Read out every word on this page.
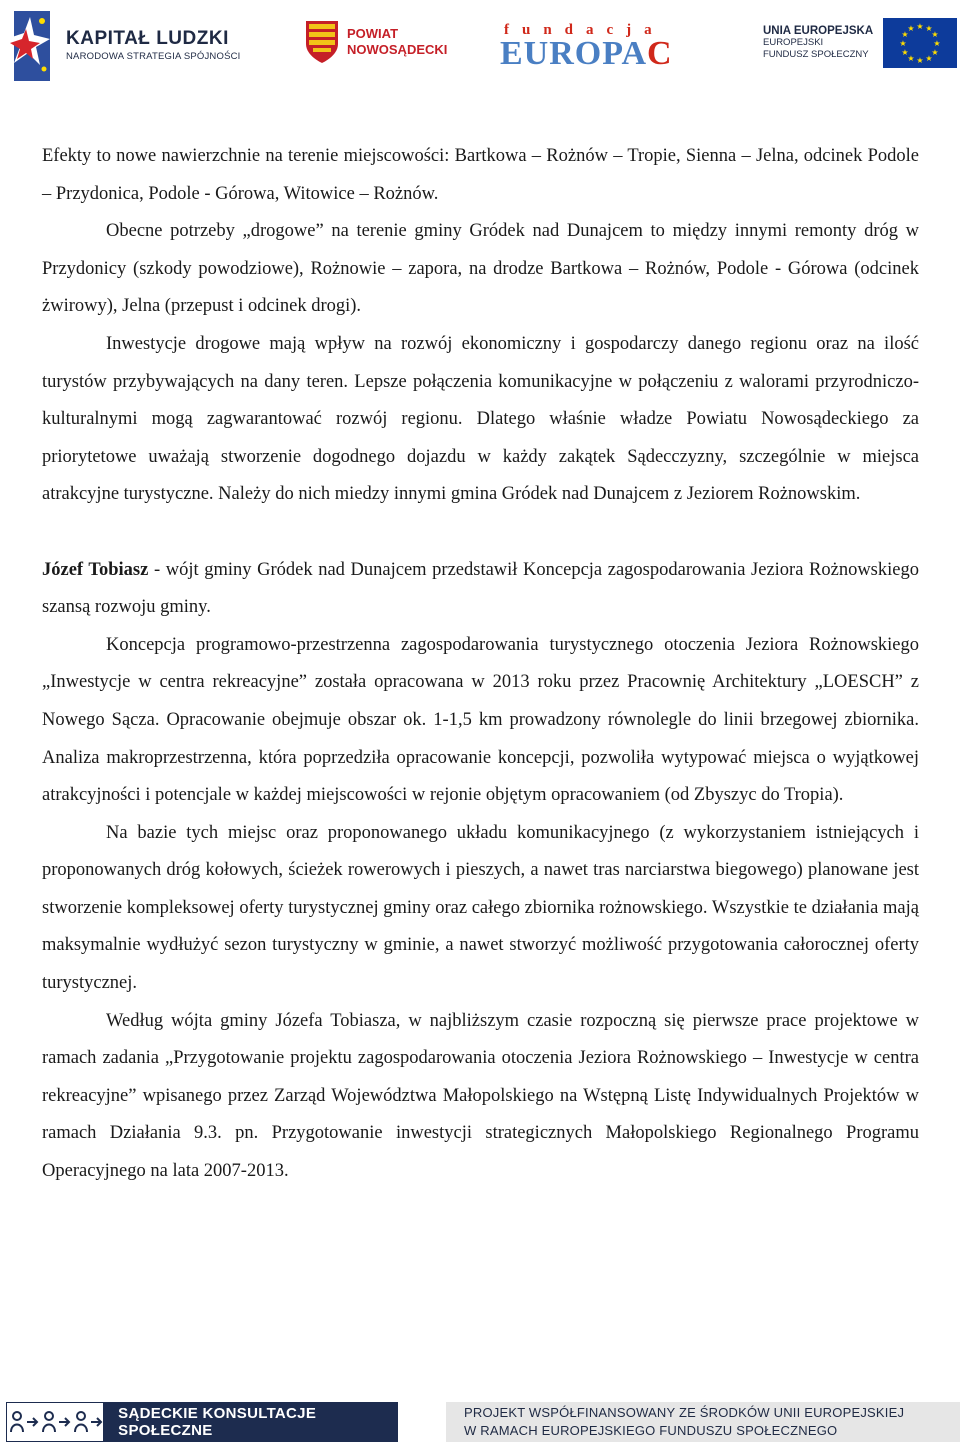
KAPITAŁ LUDZKI
NARODOWA STRATEGIA SPÓJNOŚCI
POWIAT
NOWOSĄDECKI
fundacja
EUROPAC
UNIA EUROPEJSKA
EUROPEJSKI
FUNDUSZ SPOŁECZNY
★ ★
★
★
★
★
★
★
★
★
★
★

Efekty to nowe nawierzchnie na terenie miejscowości: Bartkowa – Rożnów – Tropie, Sienna – Jelna, odcinek Podole – Przydonica, Podole - Górowa, Witowice – Rożnów.

Obecne potrzeby „drogowe” na terenie gminy Gródek nad Dunajcem to między innymi remonty dróg w Przydonicy (szkody powodziowe), Rożnowie – zapora, na drodze Bartkowa – Rożnów, Podole - Górowa (odcinek żwirowy), Jelna (przepust i odcinek drogi).

Inwestycje drogowe mają wpływ na rozwój ekonomiczny i gospodarczy danego regionu oraz na ilość turystów przybywających na dany teren. Lepsze połączenia komunikacyjne w połączeniu z walorami przyrodniczo-kulturalnymi mogą zagwarantować rozwój regionu. Dlatego właśnie władze Powiatu Nowosądeckiego za priorytetowe uważają stworzenie dogodnego dojazdu w każdy zakątek Sądecczyzny, szczególnie w miejsca atrakcyjne turystyczne. Należy do nich miedzy innymi gmina Gródek nad Dunajcem z Jeziorem Rożnowskim.

Józef Tobiasz - wójt gminy Gródek nad Dunajcem przedstawił Koncepcja zagospodarowania Jeziora Rożnowskiego szansą rozwoju gminy.

Koncepcja programowo-przestrzenna zagospodarowania turystycznego otoczenia Jeziora Rożnowskiego „Inwestycje w centra rekreacyjne” została opracowana w 2013 roku przez Pracownię Architektury „LOESCH” z Nowego Sącza. Opracowanie obejmuje obszar ok. 1-1,5 km prowadzony równolegle do linii brzegowej zbiornika. Analiza makroprzestrzenna, która poprzedziła opracowanie koncepcji, pozwoliła wytypować miejsca o wyjątkowej atrakcyjności i potencjale w każdej miejscowości w rejonie objętym opracowaniem (od Zbyszyc do Tropia).

Na bazie tych miejsc oraz proponowanego układu komunikacyjnego (z wykorzystaniem istniejących i proponowanych dróg kołowych, ścieżek rowerowych i pieszych, a nawet tras narciarstwa biegowego) planowane jest stworzenie kompleksowej oferty turystycznej gminy oraz całego zbiornika rożnowskiego. Wszystkie te działania mają maksymalnie wydłużyć sezon turystyczny w gminie, a nawet stworzyć możliwość przygotowania całorocznej oferty turystycznej.

Według wójta gminy Józefa Tobiasza, w najbliższym czasie rozpoczną się pierwsze prace projektowe w ramach zadania „Przygotowanie projektu zagospodarowania otoczenia Jeziora Rożnowskiego – Inwestycje w centra rekreacyjne” wpisanego przez Zarząd Województwa Małopolskiego na Wstępną Listę Indywidualnych Projektów w ramach Działania 9.3. pn. Przygotowanie inwestycji strategicznych Małopolskiego Regionalnego Programu Operacyjnego na lata 2007-2013.

SĄDECKIE KONSULTACJE SPOŁECZNE
PROJEKT WSPÓŁFINANSOWANY ZE ŚRODKÓW UNII EUROPEJSKIEJ
W RAMACH EUROPEJSKIEGO FUNDUSZU SPOŁECZNEGO
